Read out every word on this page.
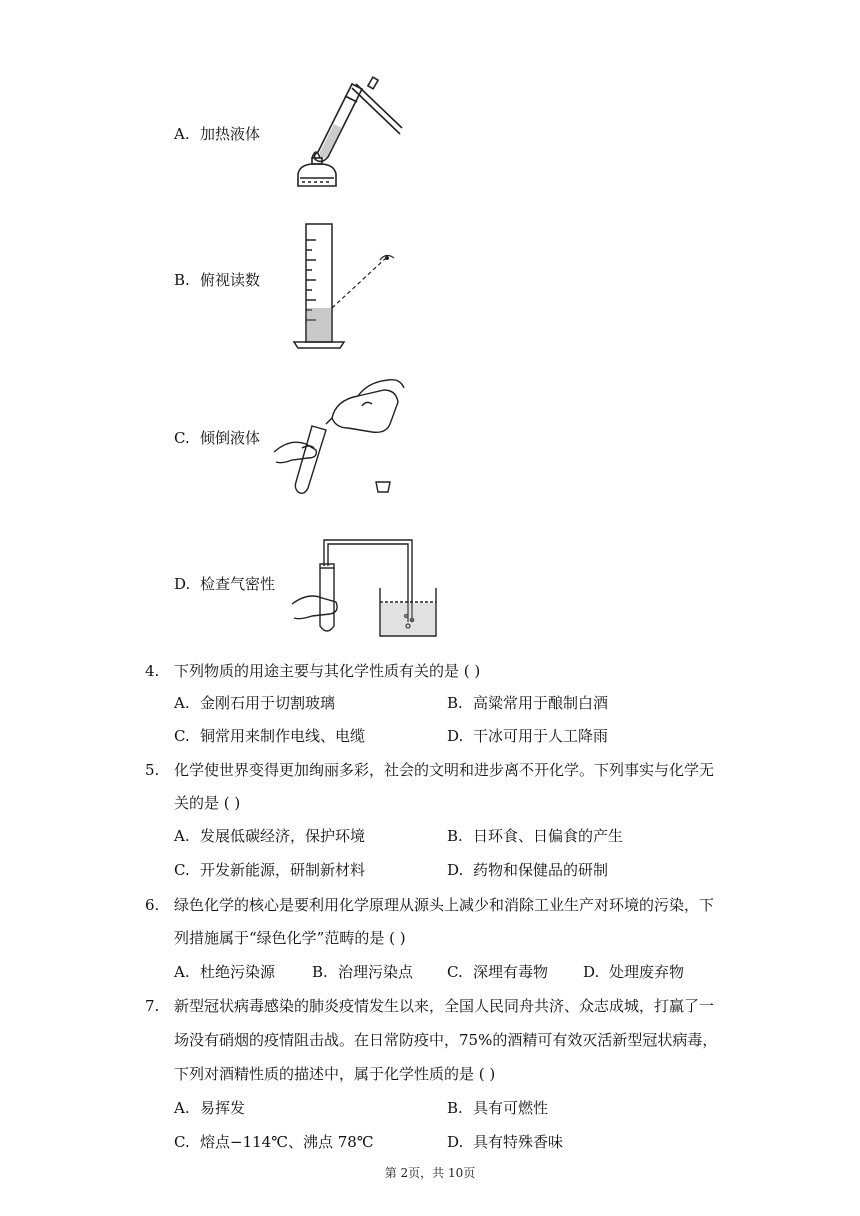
A. 加热液体
B. 俯视读数
C. 倾倒液体
D. 检查气密性
4. 下列物质的用途主要与其化学性质有关的是 ( )
A. 金刚石用于切割玻璃	B. 高粱常用于酿制白酒
C. 铜常用来制作电线、电缆	D. 干冰可用于人工降雨
5. 化学使世界变得更加绚丽多彩，社会的文明和进步离不开化学。下列事实与化学无
关的是 ( )
A. 发展低碳经济，保护环境	B. 日环食、日偏食的产生
C. 开发新能源，研制新材料	D. 药物和保健品的研制
6. 绿色化学的核心是要利用化学原理从源头上减少和消除工业生产对环境的污染，下
列措施属于“绿色化学”范畴的是 ( )
A. 杜绝污染源 B. 治理污染点 C. 深埋有毒物 D. 处理废弃物
7. 新型冠状病毒感染的肺炎疫情发生以来，全国人民同舟共济、众志成城，打赢了一
场没有硝烟的疫情阻击战。在日常防疫中，75%的酒精可有效灭活新型冠状病毒，
下列对酒精性质的描述中，属于化学性质的是 ( )
A. 易挥发	B. 具有可燃性
C. 熔点−114℃、沸点 78℃	D. 具有特殊香味
第 2页，共 10页
